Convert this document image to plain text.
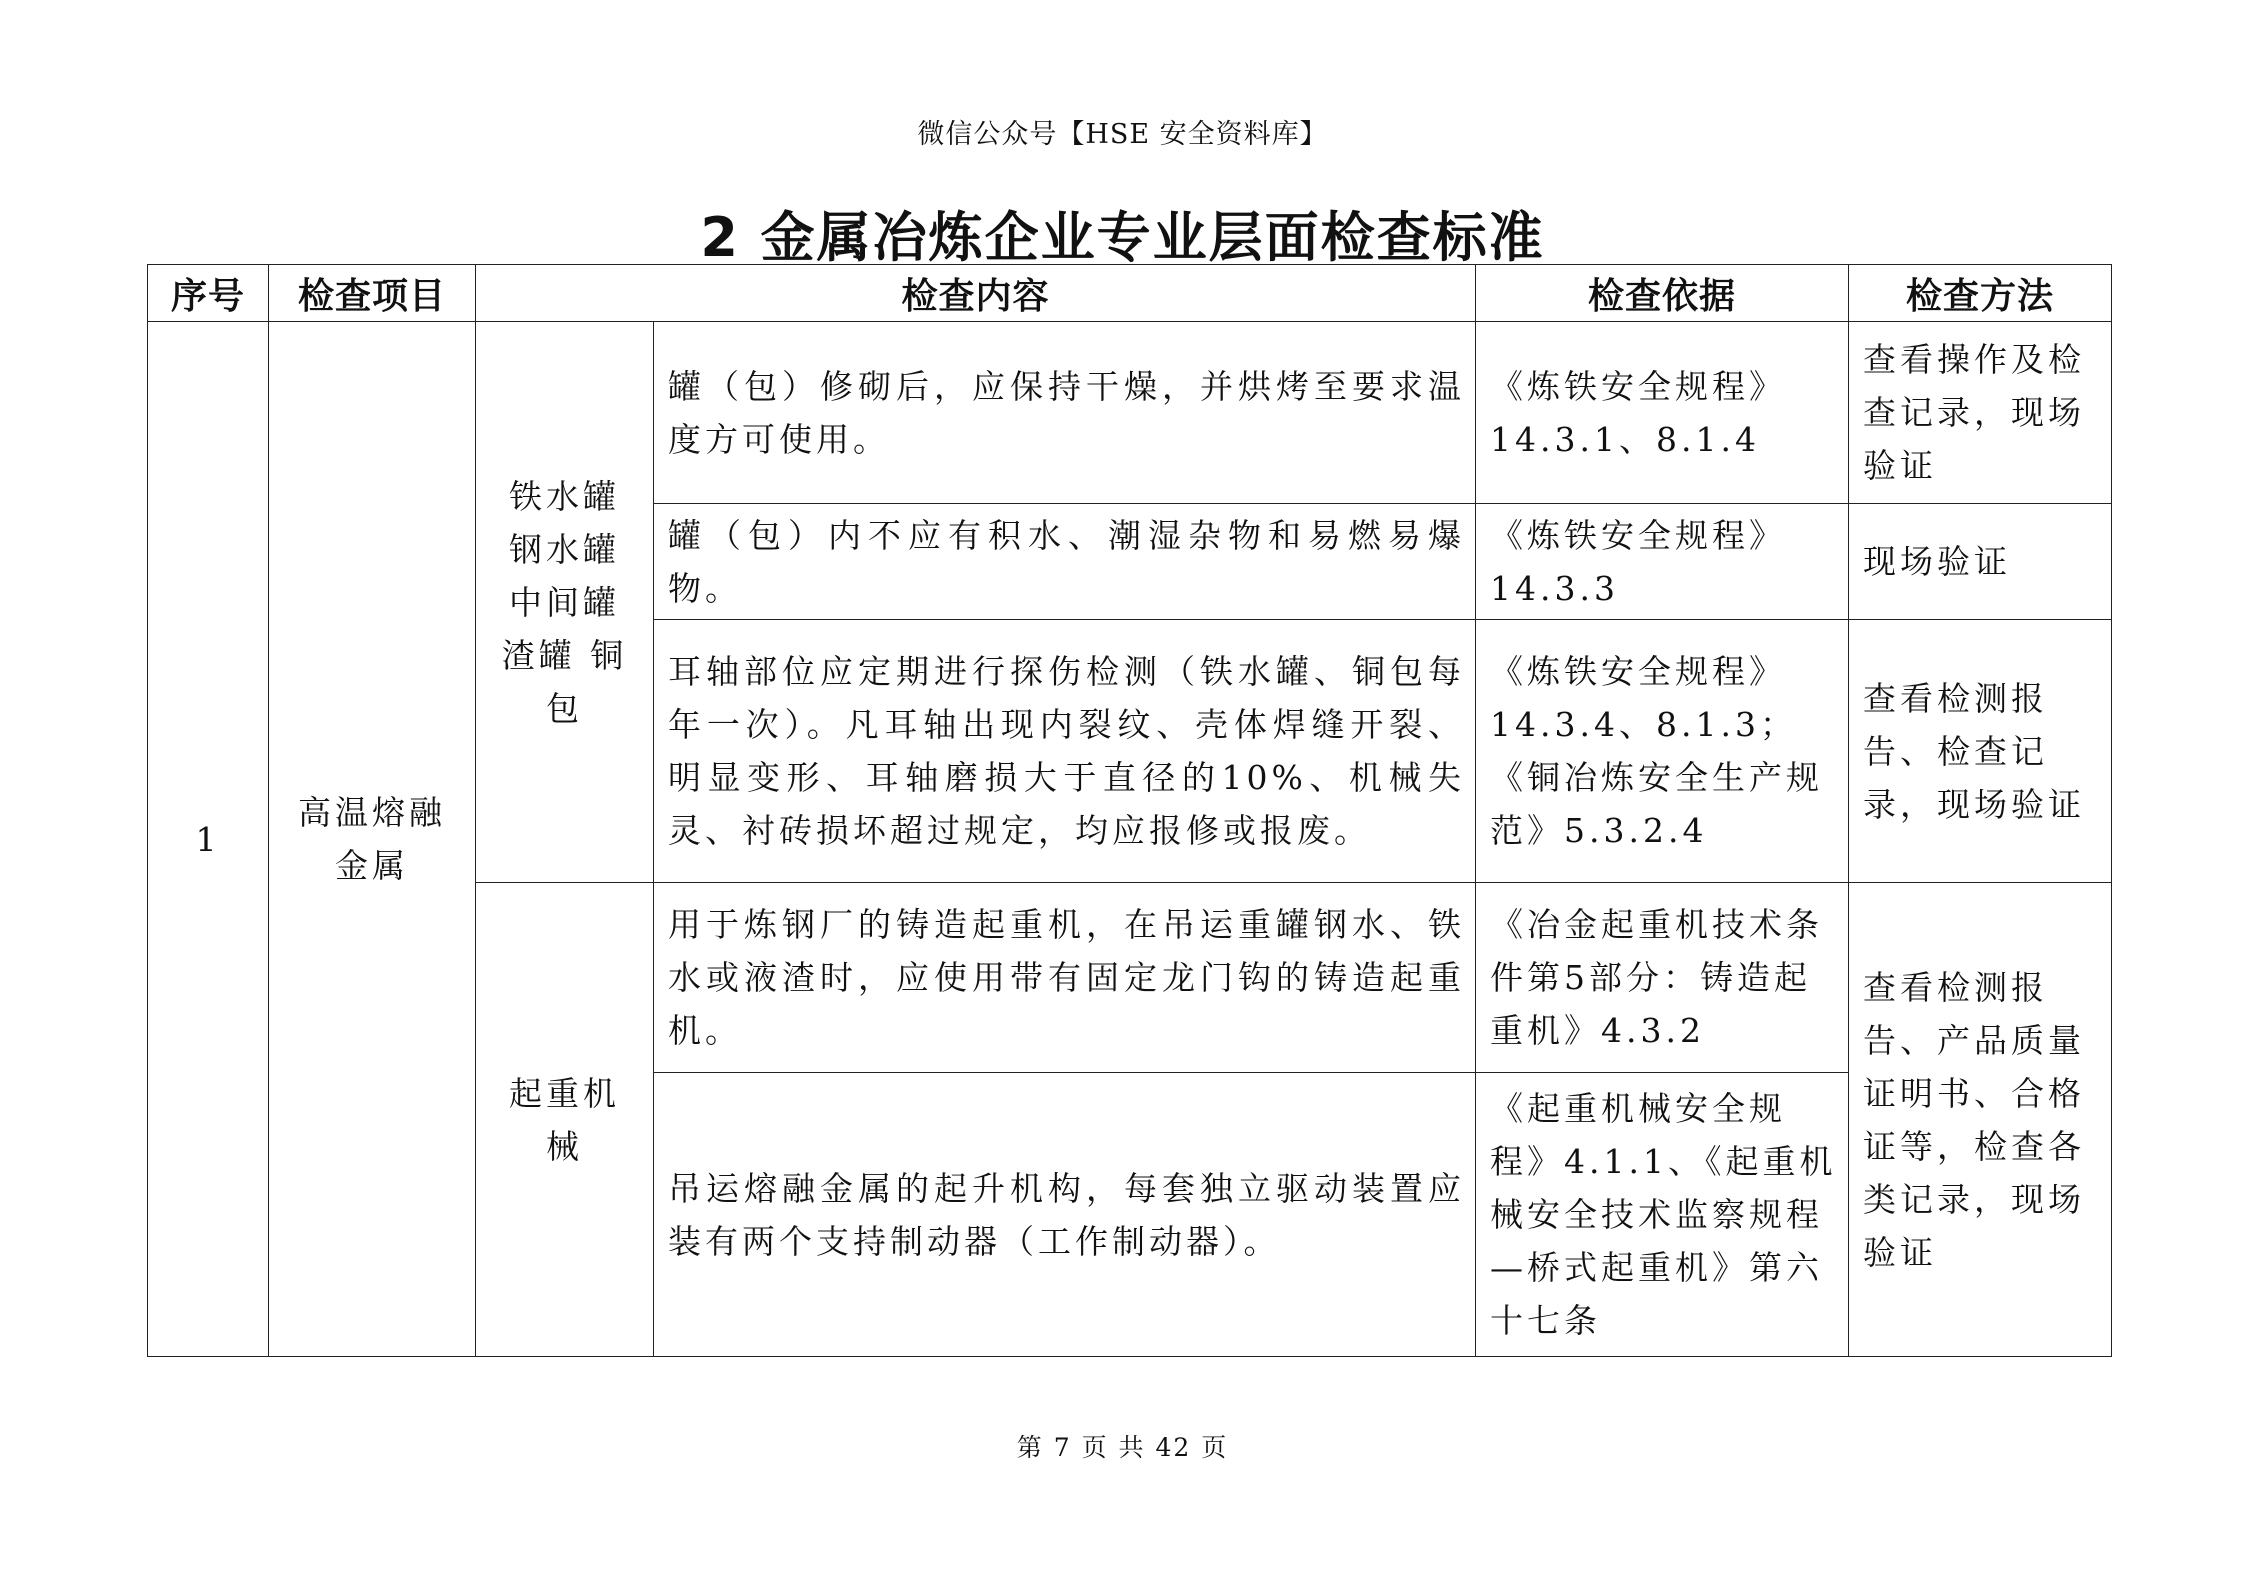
微信公众号【HSE 安全资料库】
2 金属冶炼企业专业层面检查标准
序号	检查项目	检查内容		检查依据	检查方法
1	高温熔融金属	铁水罐 钢水罐 中间罐 渣罐 铜包	罐（包）修砌后，应保持干燥，并烘烤至要求温度方可使用。	《炼铁安全规程》14.3.1、8.1.4	查看操作及检查记录，现场验证
			罐（包）内不应有积水、潮湿杂物和易燃易爆物。	《炼铁安全规程》14.3.3	现场验证
			耳轴部位应定期进行探伤检测（铁水罐、铜包每年一次）。凡耳轴出现内裂纹、壳体焊缝开裂、明显变形、耳轴磨损大于直径的10%、机械失灵、衬砖损坏超过规定，均应报修或报废。	《炼铁安全规程》14.3.4、8.1.3；《铜冶炼安全生产规范》5.3.2.4	查看检测报告、检查记录，现场验证
		起重机械	用于炼钢厂的铸造起重机，在吊运重罐钢水、铁水或液渣时，应使用带有固定龙门钩的铸造起重机。	《冶金起重机技术条件第5部分：铸造起重机》4.3.2	查看检测报告、产品质量证明书、合格证等，检查各类记录，现场验证
			吊运熔融金属的起升机构，每套独立驱动装置应装有两个支持制动器（工作制动器）。	《起重机械安全规程》4.1.1、《起重机械安全技术监察规程—桥式起重机》第六十七条	
第 7 页 共 42 页
